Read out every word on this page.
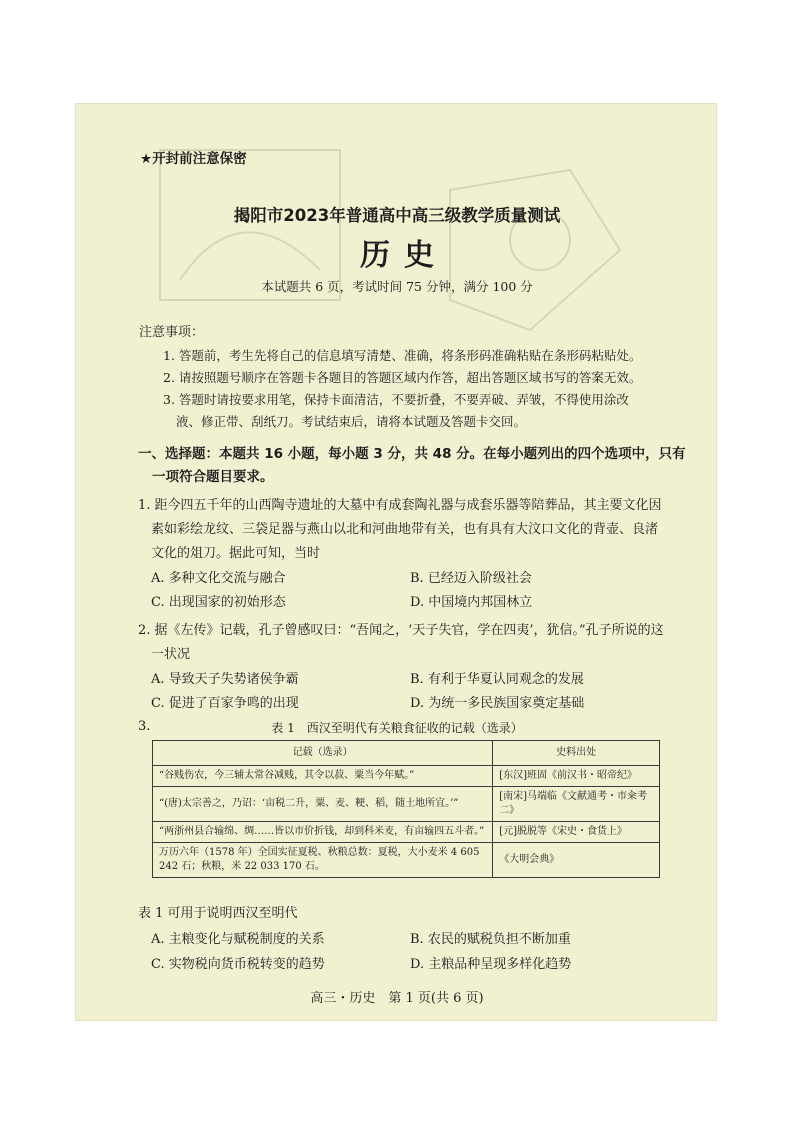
★开封前注意保密
揭阳市2023年普通高中高三级教学质量测试
历史
本试题共 6 页，考试时间 75 分钟，满分 100 分
注意事项：
1. 答题前，考生先将自己的信息填写清楚、准确，将条形码准确粘贴在条形码粘贴处。
2. 请按照题号顺序在答题卡各题目的答题区域内作答，超出答题区域书写的答案无效。
3. 答题时请按要求用笔，保持卡面清洁，不要折叠，不要弄破、弄皱，不得使用涂改
液、修正带、刮纸刀。考试结束后，请将本试题及答题卡交回。
一、选择题：本题共 16 小题，每小题 3 分，共 48 分。在每小题列出的四个选项中，只有
一项符合题目要求。
1. 距今四五千年的山西陶寺遗址的大墓中有成套陶礼器与成套乐器等陪葬品，其主要文化因
素如彩绘龙纹、三袋足器与燕山以北和河曲地带有关，也有具有大汶口文化的背壶、良渚
文化的俎刀。据此可知，当时
A. 多种文化交流与融合	B. 已经迈入阶级社会
C. 出现国家的初始形态	D. 中国境内邦国林立
2. 据《左传》记载，孔子曾感叹曰：“吾闻之，‘天子失官，学在四夷’，犹信。”孔子所说的这
一状况
A. 导致天子失势诸侯争霸	B. 有利于华夏认同观念的发展
C. 促进了百家争鸣的出现	D. 为统一多民族国家奠定基础
3.	表 1　西汉至明代有关粮食征收的记载（选录）
记载（选录）	史料出处
“谷贱伤农，今三辅太常谷减贱，其令以菽、粟当今年赋。”	[东汉]班固《前汉书・昭帝纪》
“(唐)太宗善之，乃诏：‘亩税二升，粟、麦、粳、稻，随土地所宜。’”	[南宋]马端临《文献通考・市籴考二》
“两浙州县合输绵、绸……皆以市价折钱，却到科米麦，有亩输四五斗者。”	[元]脱脱等《宋史・食货上》
万历六年（1578 年）全国实征夏税、秋粮总数：夏税，大小麦米 4 605 242 石；秋粮，米 22 033 170 石。	《大明会典》
表 1 可用于说明西汉至明代
A. 主粮变化与赋税制度的关系	B. 农民的赋税负担不断加重
C. 实物税向货币税转变的趋势	D. 主粮品种呈现多样化趋势
高三・历史　第 1 页(共 6 页)
